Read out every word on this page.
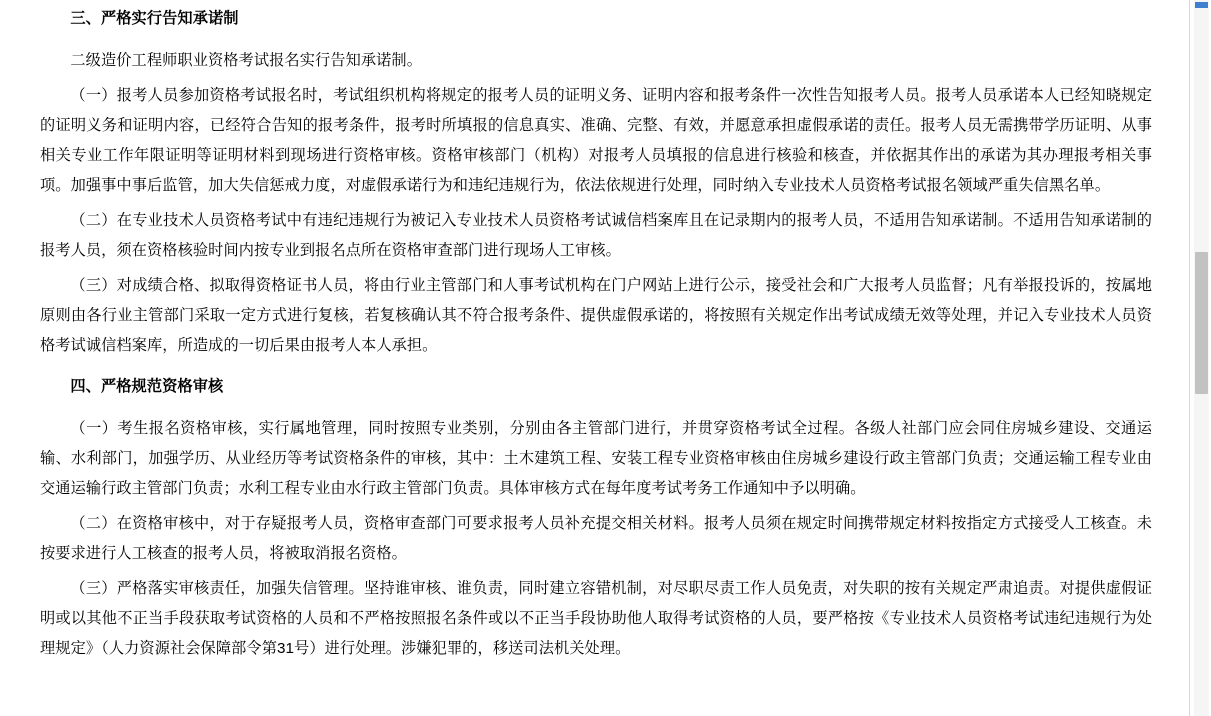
三、严格实行告知承诺制

二级造价工程师职业资格考试报名实行告知承诺制。

（一）报考人员参加资格考试报名时，考试组织机构将规定的报考人员的证明义务、证明内容和报考条件一次性告知报考人员。报考人员承诺本人已经知晓规定的证明义务和证明内容，已经符合告知的报考条件，报考时所填报的信息真实、准确、完整、有效，并愿意承担虚假承诺的责任。报考人员无需携带学历证明、从事相关专业工作年限证明等证明材料到现场进行资格审核。资格审核部门（机构）对报考人员填报的信息进行核验和核查，并依据其作出的承诺为其办理报考相关事项。加强事中事后监管，加大失信惩戒力度，对虚假承诺行为和违纪违规行为，依法依规进行处理，同时纳入专业技术人员资格考试报名领域严重失信黑名单。

（二）在专业技术人员资格考试中有违纪违规行为被记入专业技术人员资格考试诚信档案库且在记录期内的报考人员，不适用告知承诺制。不适用告知承诺制的报考人员，须在资格核验时间内按专业到报名点所在资格审查部门进行现场人工审核。

（三）对成绩合格、拟取得资格证书人员，将由行业主管部门和人事考试机构在门户网站上进行公示，接受社会和广大报考人员监督；凡有举报投诉的，按属地原则由各行业主管部门采取一定方式进行复核，若复核确认其不符合报考条件、提供虚假承诺的，将按照有关规定作出考试成绩无效等处理，并记入专业技术人员资格考试诚信档案库，所造成的一切后果由报考人本人承担。

四、严格规范资格审核

（一）考生报名资格审核，实行属地管理，同时按照专业类别，分别由各主管部门进行，并贯穿资格考试全过程。各级人社部门应会同住房城乡建设、交通运输、水利部门，加强学历、从业经历等考试资格条件的审核，其中：土木建筑工程、安装工程专业资格审核由住房城乡建设行政主管部门负责；交通运输工程专业由交通运输行政主管部门负责；水利工程专业由水行政主管部门负责。具体审核方式在每年度考试考务工作通知中予以明确。

（二）在资格审核中，对于存疑报考人员，资格审查部门可要求报考人员补充提交相关材料。报考人员须在规定时间携带规定材料按指定方式接受人工核查。未按要求进行人工核查的报考人员，将被取消报名资格。

（三）严格落实审核责任，加强失信管理。坚持谁审核、谁负责，同时建立容错机制，对尽职尽责工作人员免责，对失职的按有关规定严肃追责。对提供虚假证明或以其他不正当手段获取考试资格的人员和不严格按照报名条件或以不正当手段协助他人取得考试资格的人员，要严格按《专业技术人员资格考试违纪违规行为处理规定》（人力资源社会保障部令第31号）进行处理。涉嫌犯罪的，移送司法机关处理。
